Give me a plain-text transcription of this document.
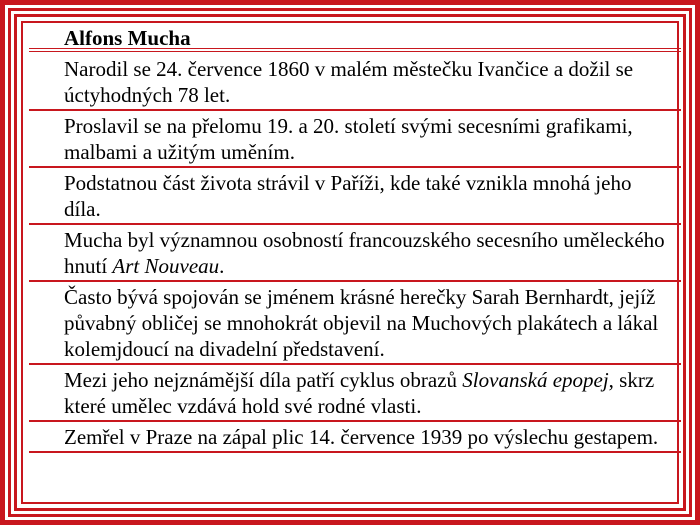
Alfons Mucha
Narodil se 24. července 1860 v malém městečku Ivančice a dožil se úctyhodných 78 let.
Proslavil se na přelomu 19. a 20. století svými secesními grafikami, malbami a užitým uměním.
Podstatnou část života strávil v Paříži, kde také vznikla mnohá jeho díla.
Mucha byl významnou osobností francouzského secesního uměleckého hnutí Art Nouveau.
Často bývá spojován se jménem krásné herečky Sarah Bernhardt, jejíž půvabný obličej se mnohokrát objevil na Muchových plakátech a lákal kolemjdoucí na divadelní představení.
Mezi jeho nejznámější díla patří cyklus obrazů Slovanská epopej, skrz které umělec vzdává hold své rodné vlasti.
Zemřel v Praze na zápal plic 14. července 1939 po výslechu gestapem.
